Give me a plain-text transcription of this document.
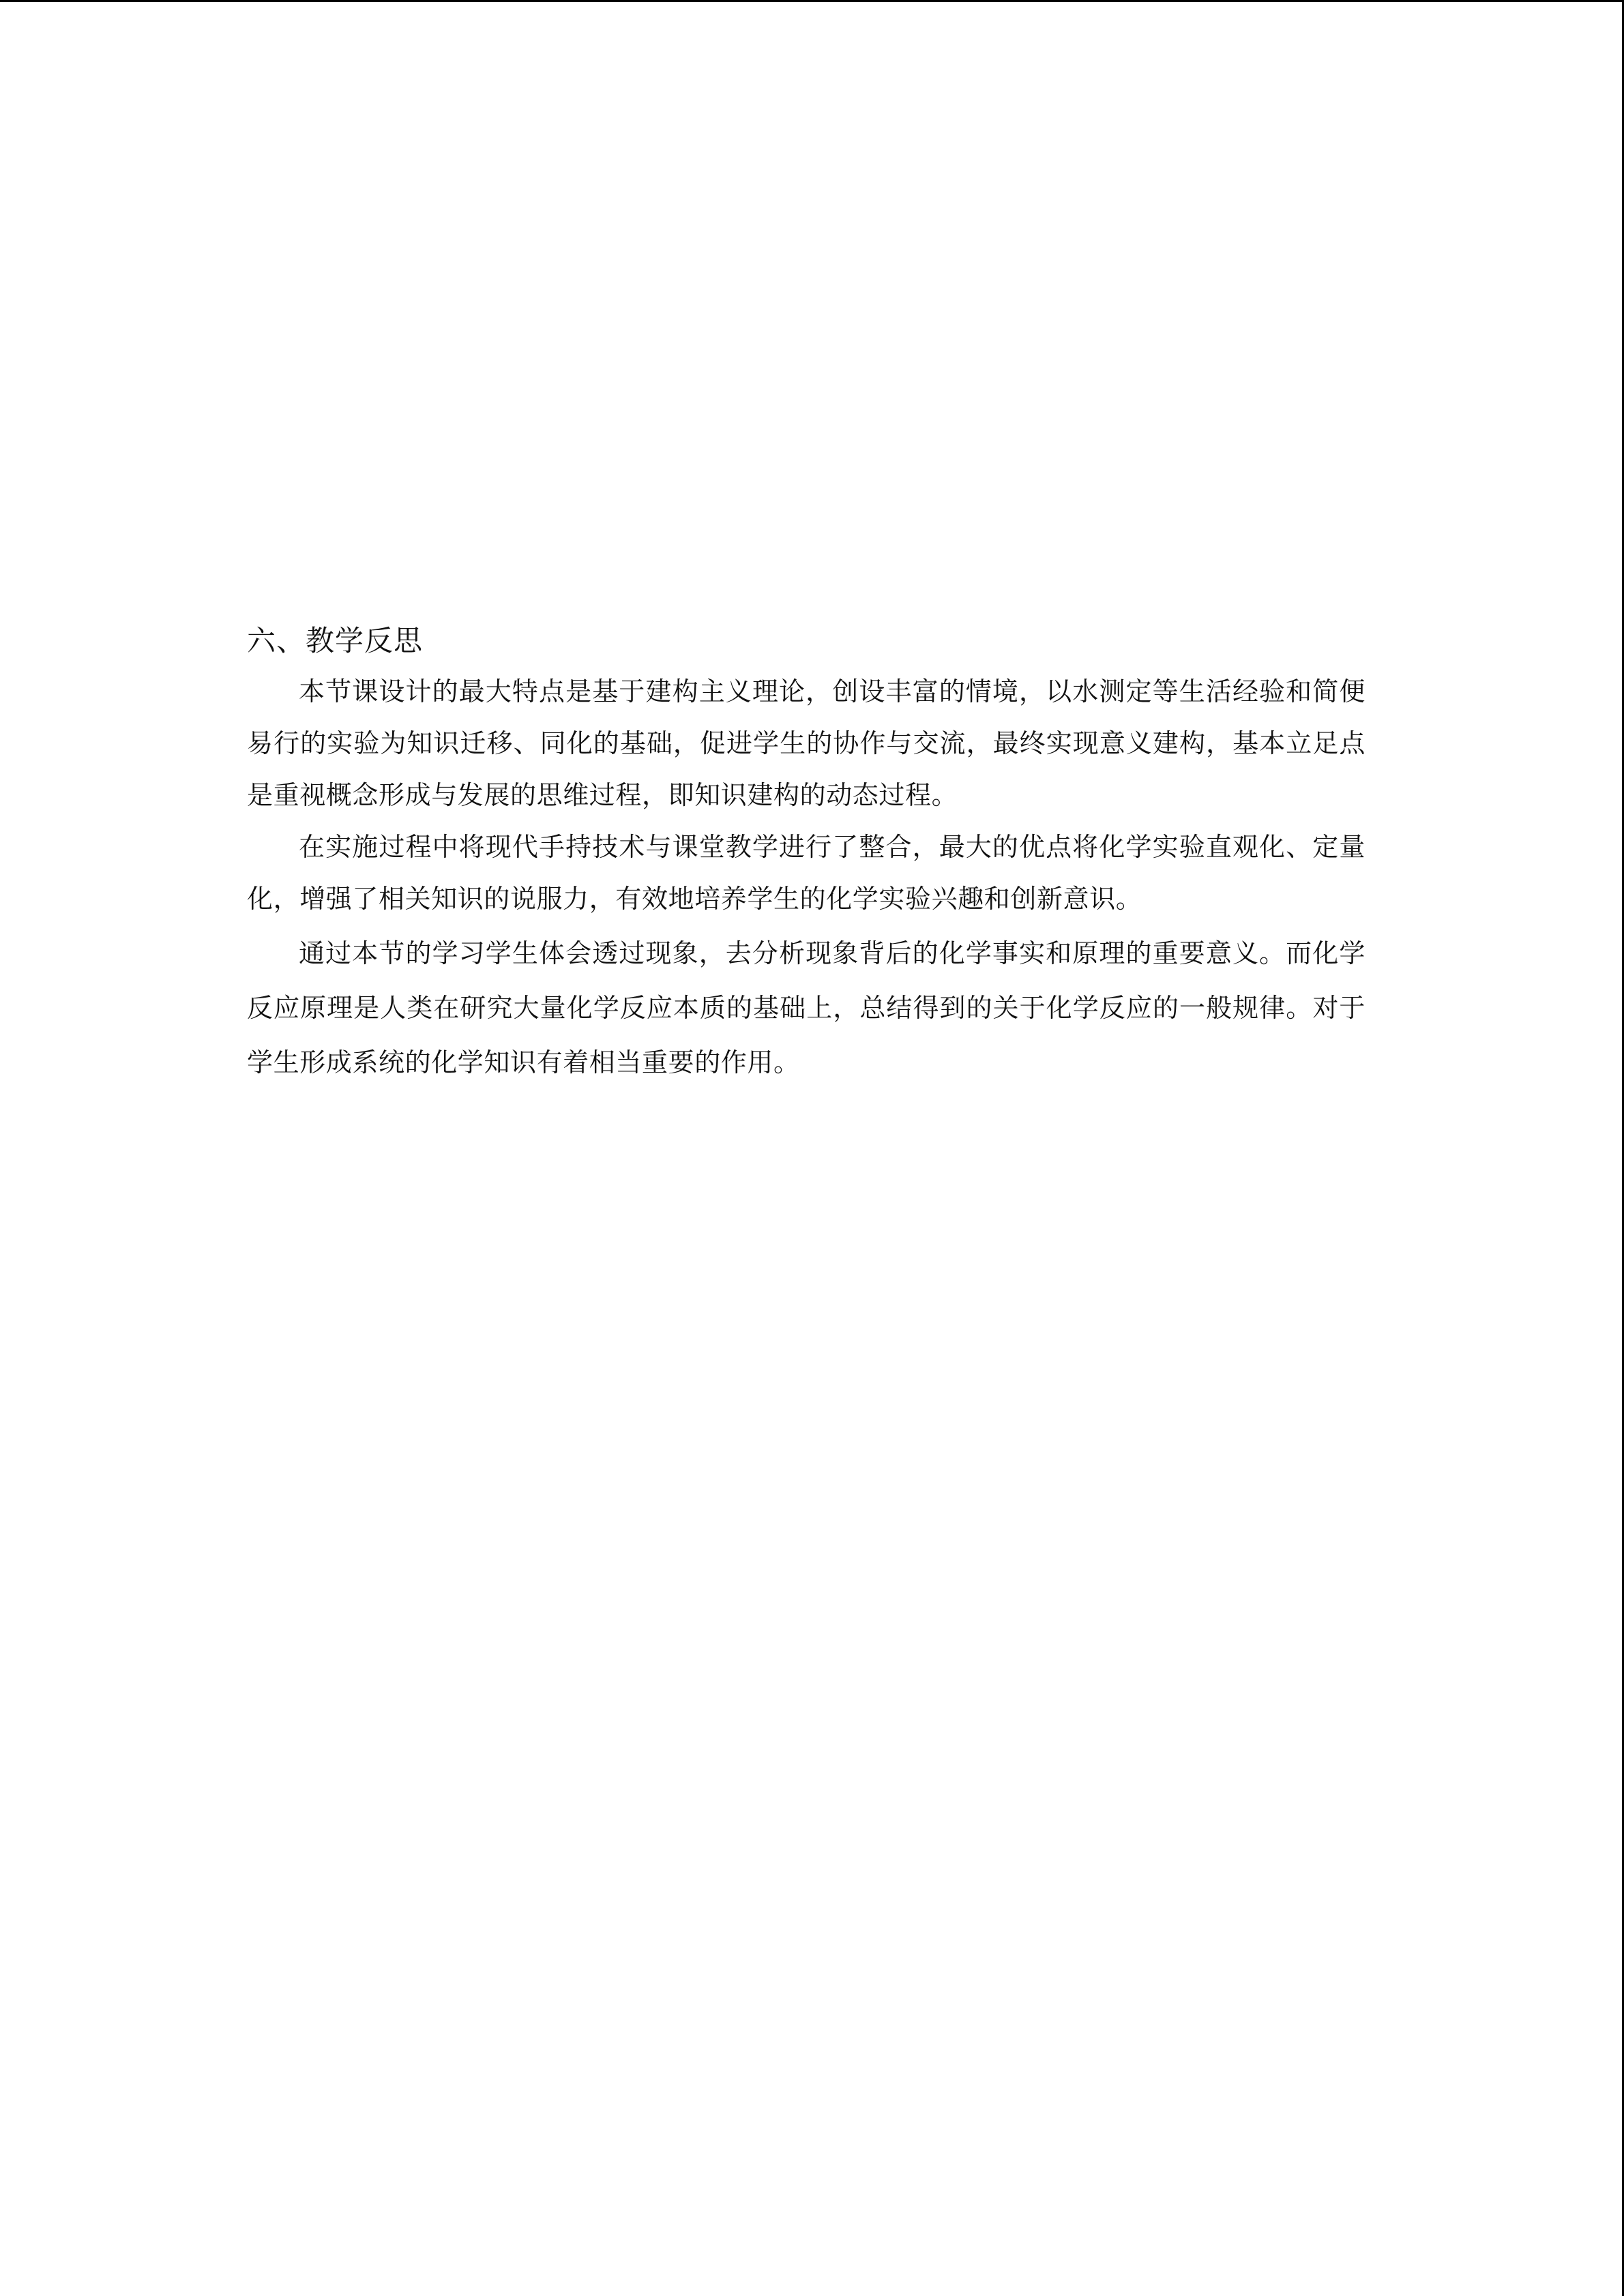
六、教学反思

本节课设计的最大特点是基于建构主义理论，创设丰富的情境，以水测定等生活经验和简便易行的实验为知识迁移、同化的基础，促进学生的协作与交流，最终实现意义建构，基本立足点是重视概念形成与发展的思维过程，即知识建构的动态过程。

在实施过程中将现代手持技术与课堂教学进行了整合，最大的优点将化学实验直观化、定量化，增强了相关知识的说服力，有效地培养学生的化学实验兴趣和创新意识。

通过本节的学习学生体会透过现象，去分析现象背后的化学事实和原理的重要意义。而化学反应原理是人类在研究大量化学反应本质的基础上，总结得到的关于化学反应的一般规律。对于学生形成系统的化学知识有着相当重要的作用。
